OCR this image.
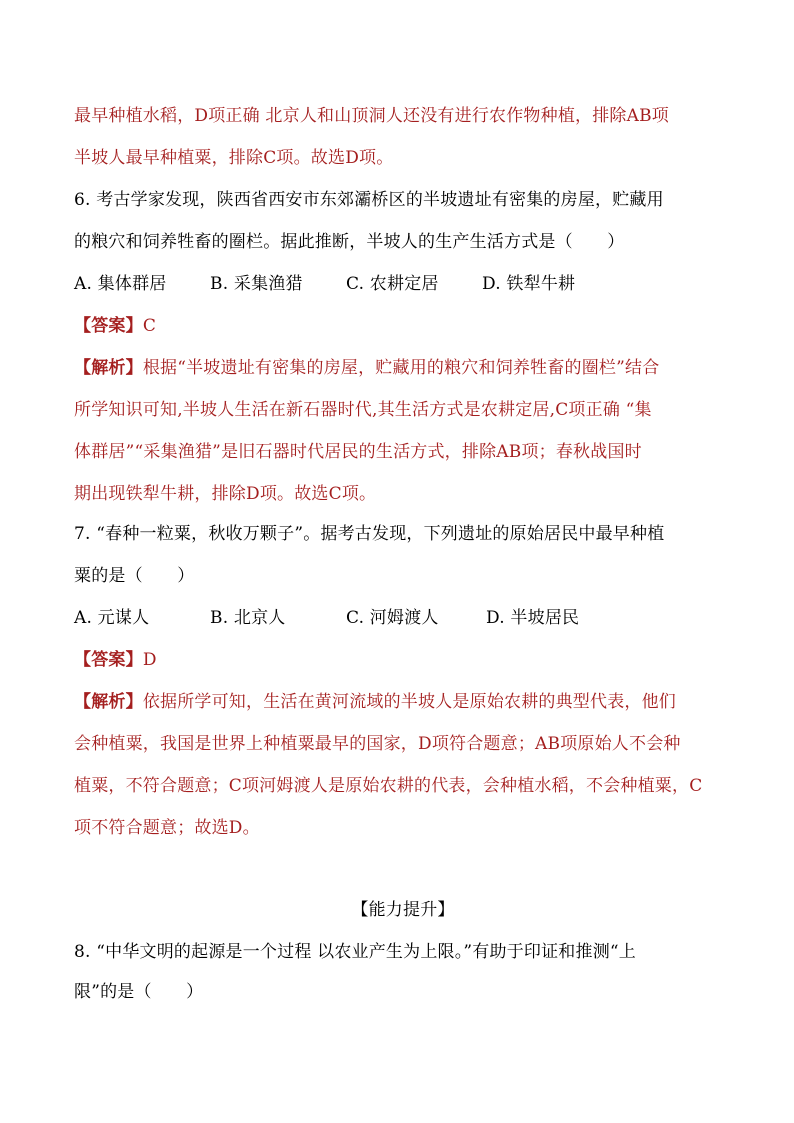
最早种植水稻，D项正确 北京人和山顶洞人还没有进行农作物种植，排除AB项
半坡人最早种植粟，排除C项。故选D项。
6. 考古学家发现，陕西省西安市东郊灞桥区的半坡遗址有密集的房屋，贮藏用
的粮穴和饲养牲畜的圈栏。据此推断，半坡人的生产生活方式是（　　）
A. 集体群居	B. 采集渔猎	C. 农耕定居	D. 铁犁牛耕
【答案】C
【解析】根据“半坡遗址有密集的房屋，贮藏用的粮穴和饲养牲畜的圈栏”结合
所学知识可知,半坡人生活在新石器时代,其生活方式是农耕定居,C项正确 “集
体群居”“采集渔猎”是旧石器时代居民的生活方式，排除AB项；春秋战国时
期出现铁犁牛耕，排除D项。故选C项。
7. “春种一粒粟，秋收万颗子”。据考古发现，下列遗址的原始居民中最早种植
粟的是（　　）
A. 元谋人	B. 北京人	C. 河姆渡人	D. 半坡居民
【答案】D
【解析】依据所学可知，生活在黄河流域的半坡人是原始农耕的典型代表，他们
会种植粟，我国是世界上种植粟最早的国家，D项符合题意；AB项原始人不会种
植粟，不符合题意；C项河姆渡人是原始农耕的代表，会种植水稻，不会种植粟，C
项不符合题意；故选D。
【能力提升】
8. “中华文明的起源是一个过程 以农业产生为上限。”有助于印证和推测“上
限”的是（　　）
